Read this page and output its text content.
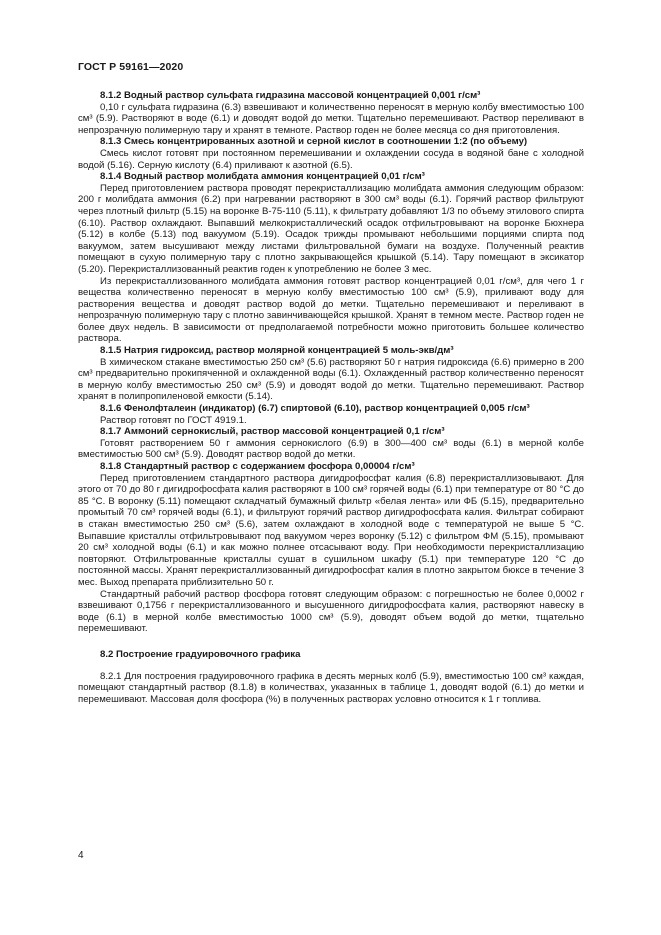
ГОСТ Р 59161—2020
8.1.2 Водный раствор сульфата гидразина массовой концентрацией 0,001 г/см³

0,10 г сульфата гидразина (6.3) взвешивают и количественно переносят в мерную колбу вместимостью 100 см³ (5.9). Растворяют в воде (6.1) и доводят водой до метки. Тщательно перемешивают. Раствор переливают в непрозрачную полимерную тару и хранят в темноте. Раствор годен не более месяца со дня приготовления.

8.1.3 Смесь концентрированных азотной и серной кислот в соотношении 1:2 (по объему)

Смесь кислот готовят при постоянном перемешивании и охлаждении сосуда в водяной бане с холодной водой (5.16). Серную кислоту (6.4) приливают к азотной (6.5).

8.1.4 Водный раствор молибдата аммония концентрацией 0,01 г/см³

Перед приготовлением раствора проводят перекристаллизацию молибдата аммония следующим образом: 200 г молибдата аммония (6.2) при нагревании растворяют в 300 см³ воды (6.1). Горячий раствор фильтруют через плотный фильтр (5.15) на воронке В-75-110 (5.11), к фильтрату добавляют 1/3 по объему этилового спирта (6.10). Раствор охлаждают. Выпавший мелкокристаллический осадок отфильтровывают на воронке Бюхнера (5.12) в колбе (5.13) под вакуумом (5.19). Осадок трижды промывают небольшими порциями спирта под вакуумом, затем высушивают между листами фильтровальной бумаги на воздухе. Полученный реактив помещают в сухую полимерную тару с плотно закрывающейся крышкой (5.14). Тару помещают в эксикатор (5.20). Перекристаллизованный реактив годен к употреблению не более 3 мес.

Из перекристаллизованного молибдата аммония готовят раствор концентрацией 0,01 г/см³, для чего 1 г вещества количественно переносят в мерную колбу вместимостью 100 см³ (5.9), приливают воду для растворения вещества и доводят раствор водой до метки. Тщательно перемешивают и переливают в непрозрачную полимерную тару с плотно завинчивающейся крышкой. Хранят в темном месте. Раствор годен не более двух недель. В зависимости от предполагаемой потребности можно приготовить большее количество раствора.

8.1.5 Натрия гидроксид, раствор молярной концентрацией 5 моль-экв/дм³

В химическом стакане вместимостью 250 см³ (5.6) растворяют 50 г натрия гидроксида (6.6) примерно в 200 см³ предварительно прокипяченной и охлажденной воды (6.1). Охлажденный раствор количественно переносят в мерную колбу вместимостью 250 см³ (5.9) и доводят водой до метки. Тщательно перемешивают. Раствор хранят в полипропиленовой емкости (5.14).

8.1.6 Фенолфталеин (индикатор) (6.7) спиртовой (6.10), раствор концентрацией 0,005 г/см³

Раствор готовят по ГОСТ 4919.1.

8.1.7 Аммоний сернокислый, раствор массовой концентрацией 0,1 г/см³

Готовят растворением 50 г аммония сернокислого (6.9) в 300—400 см³ воды (6.1) в мерной колбе вместимостью 500 см³ (5.9). Доводят раствор водой до метки.

8.1.8 Стандартный раствор с содержанием фосфора 0,00004 г/см³

Перед приготовлением стандартного раствора дигидрофосфат калия (6.8) перекристаллизовывают. Для этого от 70 до 80 г дигидрофосфата калия растворяют в 100 см³ горячей воды (6.1) при температуре от 80 °С до 85 °С. В воронку (5.11) помещают складчатый бумажный фильтр «белая лента» или ФБ (5.15), предварительно промытый 70 см³ горячей воды (6.1), и фильтруют горячий раствор дигидрофосфата калия. Фильтрат собирают в стакан вместимостью 250 см³ (5.6), затем охлаждают в холодной воде с температурой не выше 5 °С. Выпавшие кристаллы отфильтровывают под вакуумом через воронку (5.12) с фильтром ФМ (5.15), промывают 20 см³ холодной воды (6.1) и как можно полнее отсасывают воду. При необходимости перекристаллизацию повторяют. Отфильтрованные кристаллы сушат в сушильном шкафу (5.1) при температуре 120 °С до постоянной массы. Хранят перекристаллизованный дигидрофосфат калия в плотно закрытом бюксе в течение 3 мес. Выход препарата приблизительно 50 г.

Стандартный рабочий раствор фосфора готовят следующим образом: с погрешностью не более 0,0002 г взвешивают 0,1756 г перекристаллизованного и высушенного дигидрофосфата калия, растворяют навеску в воде (6.1) в мерной колбе вместимостью 1000 см³ (5.9), доводят объем водой до метки, тщательно перемешивают.

8.2 Построение градуировочного графика

8.2.1 Для построения градуировочного графика в десять мерных колб (5.9), вместимостью 100 см³ каждая, помещают стандартный раствор (8.1.8) в количествах, указанных в таблице 1, доводят водой (6.1) до метки и перемешивают. Массовая доля фосфора (%) в полученных растворах условно относится к 1 г топлива.

4
